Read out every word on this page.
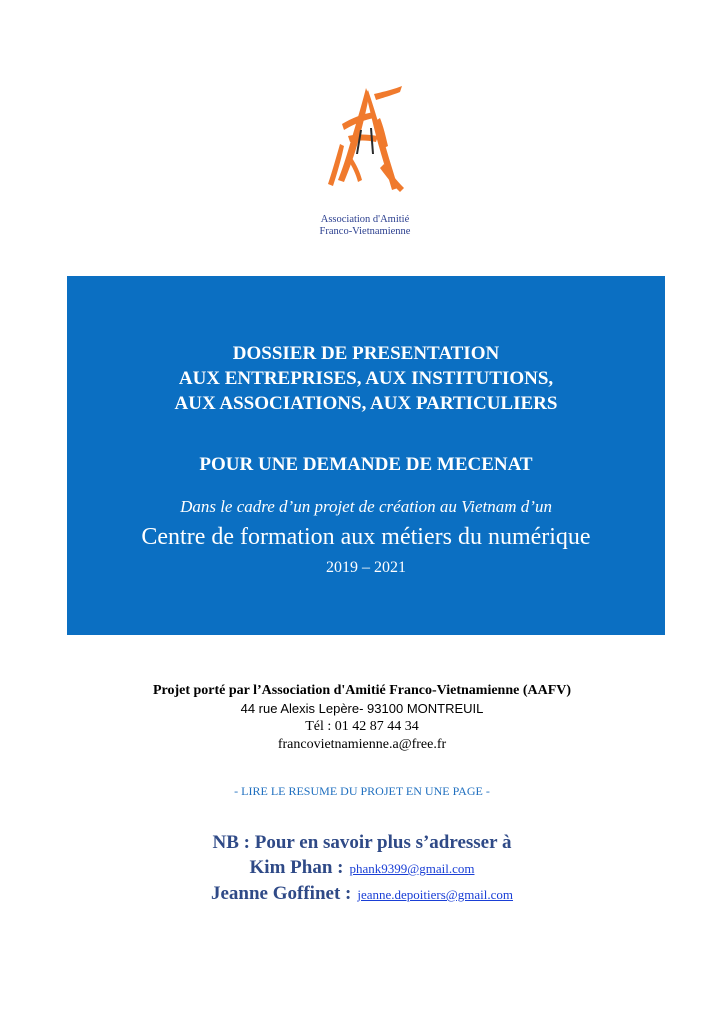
Association d'Amitié
Franco-Vietnamienne
DOSSIER DE PRESENTATION
AUX ENTREPRISES, AUX INSTITUTIONS,
AUX ASSOCIATIONS, AUX PARTICULIERS
POUR UNE DEMANDE DE MECENAT
Dans le cadre d’un projet de création au Vietnam d’un
Centre de formation aux métiers du numérique
2019 – 2021
Projet porté par l’Association d'Amitié Franco-Vietnamienne (AAFV)
44 rue Alexis Lepère- 93100 MONTREUIL
Tél : 01 42 87 44 34
francovietnamienne.a@free.fr
- LIRE LE RESUME DU PROJET EN UNE PAGE -
NB : Pour en savoir plus s’adresser à
Kim Phan : phank9399@gmail.com
Jeanne Goffinet : jeanne.depoitiers@gmail.com
